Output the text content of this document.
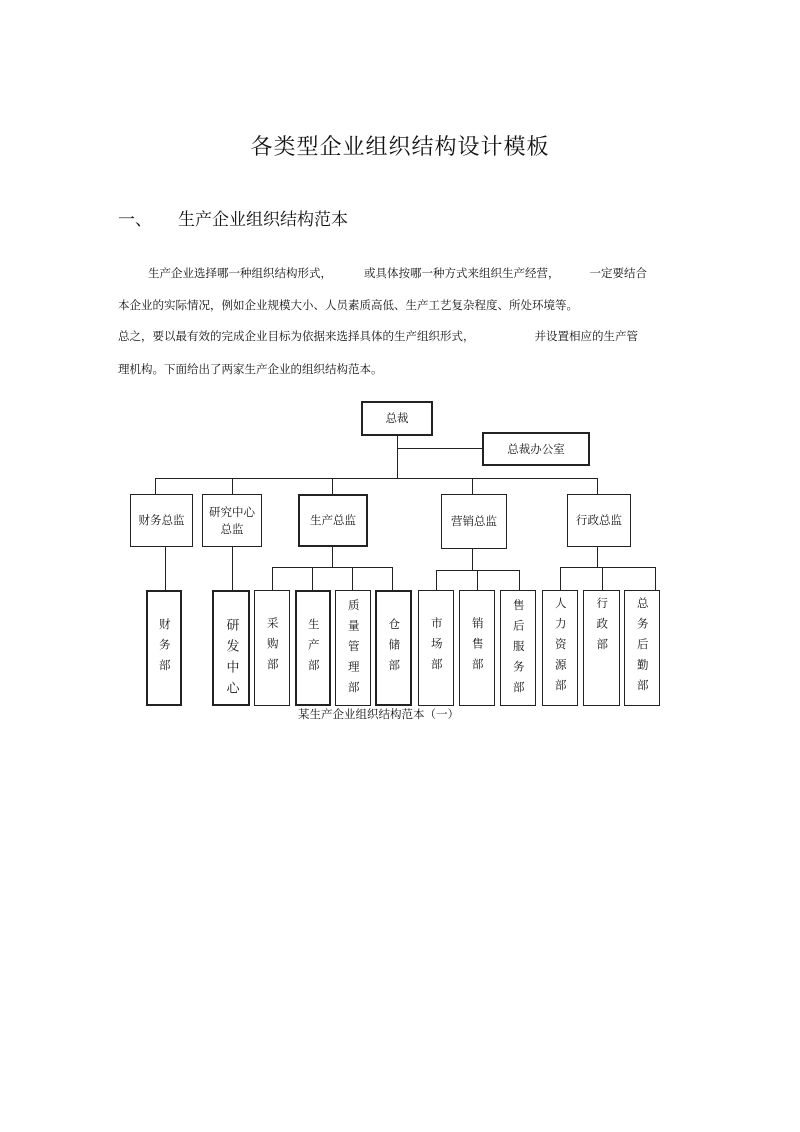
各类型企业组织结构设计模板
一、 生产企业组织结构范本
生产企业选择哪一种组织结构形式，	或具体按哪一种方式来组织生产经营，	一定要结合
本企业的实际情况，例如企业规模大小、人员素质高低、生产工艺复杂程度、所处环境等。
总之，要以最有效的完成企业目标为依据来选择具体的生产组织形式，	并设置相应的生产管
理机构。下面给出了两家生产企业的组织结构范本。
总裁
总裁办公室
财务总监
研究中心总监
生产总监	营销总监	行政总监
财务部	研发中心 采购部 生产部 质量管理部 仓储部 市场部 销售部 售后服务部 人力资源部 行政部 总务后勤部
某生产企业组织结构范本（一）
